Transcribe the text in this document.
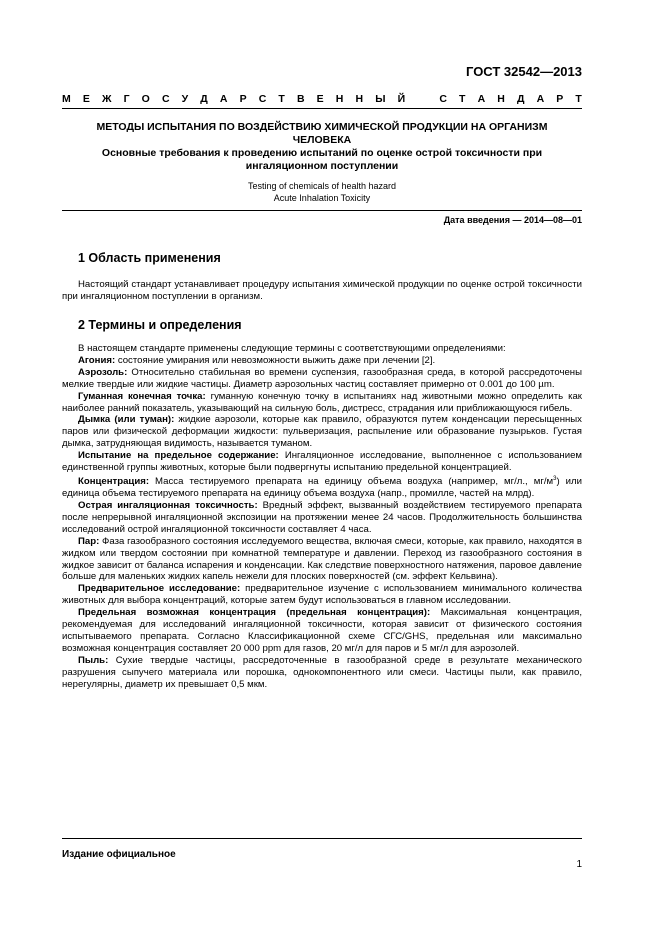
ГОСТ 32542—2013
М Е Ж Г О С У Д А Р С Т В Е Н Н Ы Й	С Т А Н Д А Р Т
МЕТОДЫ ИСПЫТАНИЯ ПО ВОЗДЕЙСТВИЮ ХИМИЧЕСКОЙ ПРОДУКЦИИ НА ОРГАНИЗМ
ЧЕЛОВЕКА
Основные требования к проведению испытаний по оценке острой токсичности при
ингаляционном поступлении
Testing of chemicals of health hazard
Acute Inhalation Toxicity
Дата введения — 2014—08—01
1 Область применения

Настоящий стандарт устанавливает процедуру испытания химической продукции по оценке острой токсичности при ингаляционном поступлении в организм.

2 Термины и определения

В настоящем стандарте применены следующие термины с соответствующими определениями:

Агония: состояние умирания или невозможности выжить даже при лечении [2].

Аэрозоль: Относительно стабильная во времени суспензия, газообразная среда, в которой рассредоточены мелкие твердые или жидкие частицы. Диаметр аэрозольных частиц составляет примерно от 0.001 до 100 µm.

Гуманная конечная точка: гуманную конечную точку в испытаниях над животными можно определить как наиболее ранний показатель, указывающий на сильную боль, дистресс, страдания или приближающуюся гибель.

Дымка (или туман): жидкие аэрозоли, которые как правило, образуются путем конденсации пересыщенных паров или физической деформации жидкости: пульверизация, распыление или образование пузырьков. Густая дымка, затрудняющая видимость, называется туманом.

Испытание на предельное содержание: Ингаляционное исследование, выполненное с использованием единственной группы животных, которые были подвергнуты испытанию предельной концентрацией.

Концентрация: Масса тестируемого препарата на единицу объема воздуха (например, мг/л., $мг/м^3$) или единица объема тестируемого препарата на единицу объема воздуха (напр., промилле, частей на млрд).

Острая ингаляционная токсичность: Вредный эффект, вызванный воздействием тестируемого препарата после непрерывной ингаляционной экспозиции на протяжении менее 24 часов. Продолжительность большинства исследований острой ингаляционной токсичности составляет 4 часа.

Пар: Фаза газообразного состояния исследуемого вещества, включая смеси, которые, как правило, находятся в жидком или твердом состоянии при комнатной температуре и давлении. Переход из газообразного состояния в жидкое зависит от баланса испарения и конденсации. Как следствие поверхностного натяжения, паровое давление больше для маленьких жидких капель нежели для плоских поверхностей (см. эффект Кельвина).

Предварительное исследование: предварительное изучение с использованием минимального количества животных для выбора концентраций, которые затем будут использоваться в главном исследовании.

Предельная возможная концентрация (предельная концентрация): Максимальная концентрация, рекомендуемая для исследований ингаляционной токсичности, которая зависит от физического состояния испытываемого препарата. Согласно Классификационной схеме СГС/GHS, предельная или максимально возможная концентрация составляет 20 000 ppm для газов, 20 мг/л для паров и 5 мг/л для аэрозолей.

Пыль: Сухие твердые частицы, рассредоточенные в газообразной среде в результате механического разрушения сыпучего материала или порошка, однокомпонентного или смеси. Частицы пыли, как правило, нерегулярны, диаметр их превышает 0,5 мкм.

Издание официальное
1
